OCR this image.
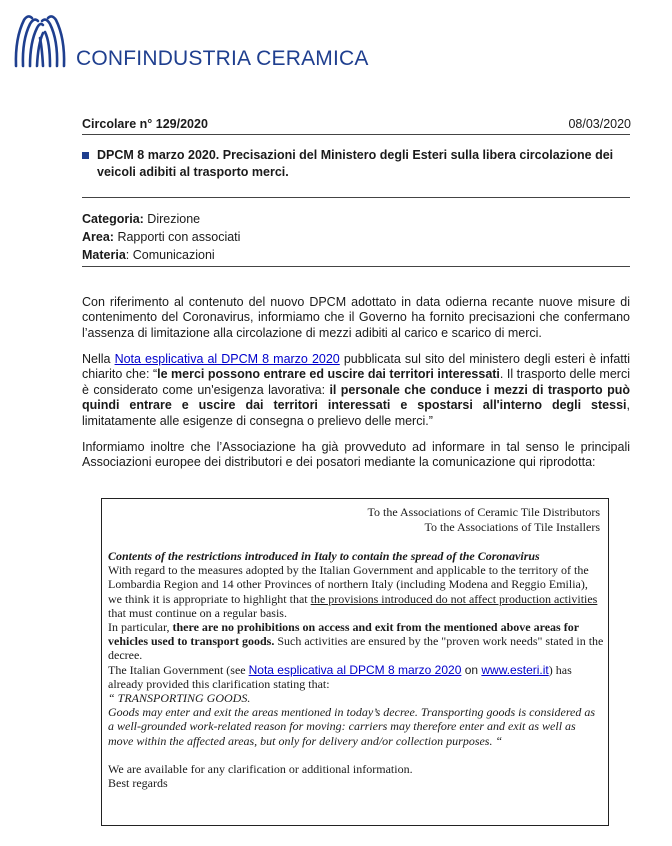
CONFINDUSTRIA CERAMICA
Circolare n° 129/2020	08/03/2020
DPCM 8 marzo 2020. Precisazioni del Ministero degli Esteri sulla libera circolazione dei veicoli adibiti al trasporto merci.
Categoria: Direzione
Area: Rapporti con associati
Materia: Comunicazioni
Con riferimento al contenuto del nuovo DPCM adottato in data odierna recante nuove misure di contenimento del Coronavirus, informiamo che il Governo ha fornito precisazioni che confermano l’assenza di limitazione alla circolazione di mezzi adibiti al carico e scarico di merci.
Nella Nota esplicativa al DPCM 8 marzo 2020 pubblicata sul sito del ministero degli esteri è infatti chiarito che: “le merci possono entrare ed uscire dai territori interessati. Il trasporto delle merci è considerato come un'esigenza lavorativa: il personale che conduce i mezzi di trasporto può quindi entrare e uscire dai territori interessati e spostarsi all'interno degli stessi, limitatamente alle esigenze di consegna o prelievo delle merci.”
Informiamo inoltre che l’Associazione ha già provveduto ad informare in tal senso le principali Associazioni europee dei distributori e dei posatori mediante la comunicazione qui riprodotta:
To the Associations of Ceramic Tile Distributors
To the Associations of Tile Installers
Contents of the restrictions introduced in Italy to contain the spread of the Coronavirus
With regard to the measures adopted by the Italian Government and applicable to the territory of the Lombardia Region and 14 other Provinces of northern Italy (including Modena and Reggio Emilia), we think it is appropriate to highlight that the provisions introduced do not affect production activities that must continue on a regular basis.
In particular, there are no prohibitions on access and exit from the mentioned above areas for vehicles used to transport goods. Such activities are ensured by the "proven work needs" stated in the decree.
The Italian Government (see Nota esplicativa al DPCM 8 marzo 2020 on www.esteri.it) has already provided this clarification stating that:
“ TRANSPORTING GOODS.
Goods may enter and exit the areas mentioned in today’s decree. Transporting goods is considered as a well-grounded work-related reason for moving: carriers may therefore enter and exit as well as move within the affected areas, but only for delivery and/or collection purposes. “
We are available for any clarification or additional information.
Best regards
